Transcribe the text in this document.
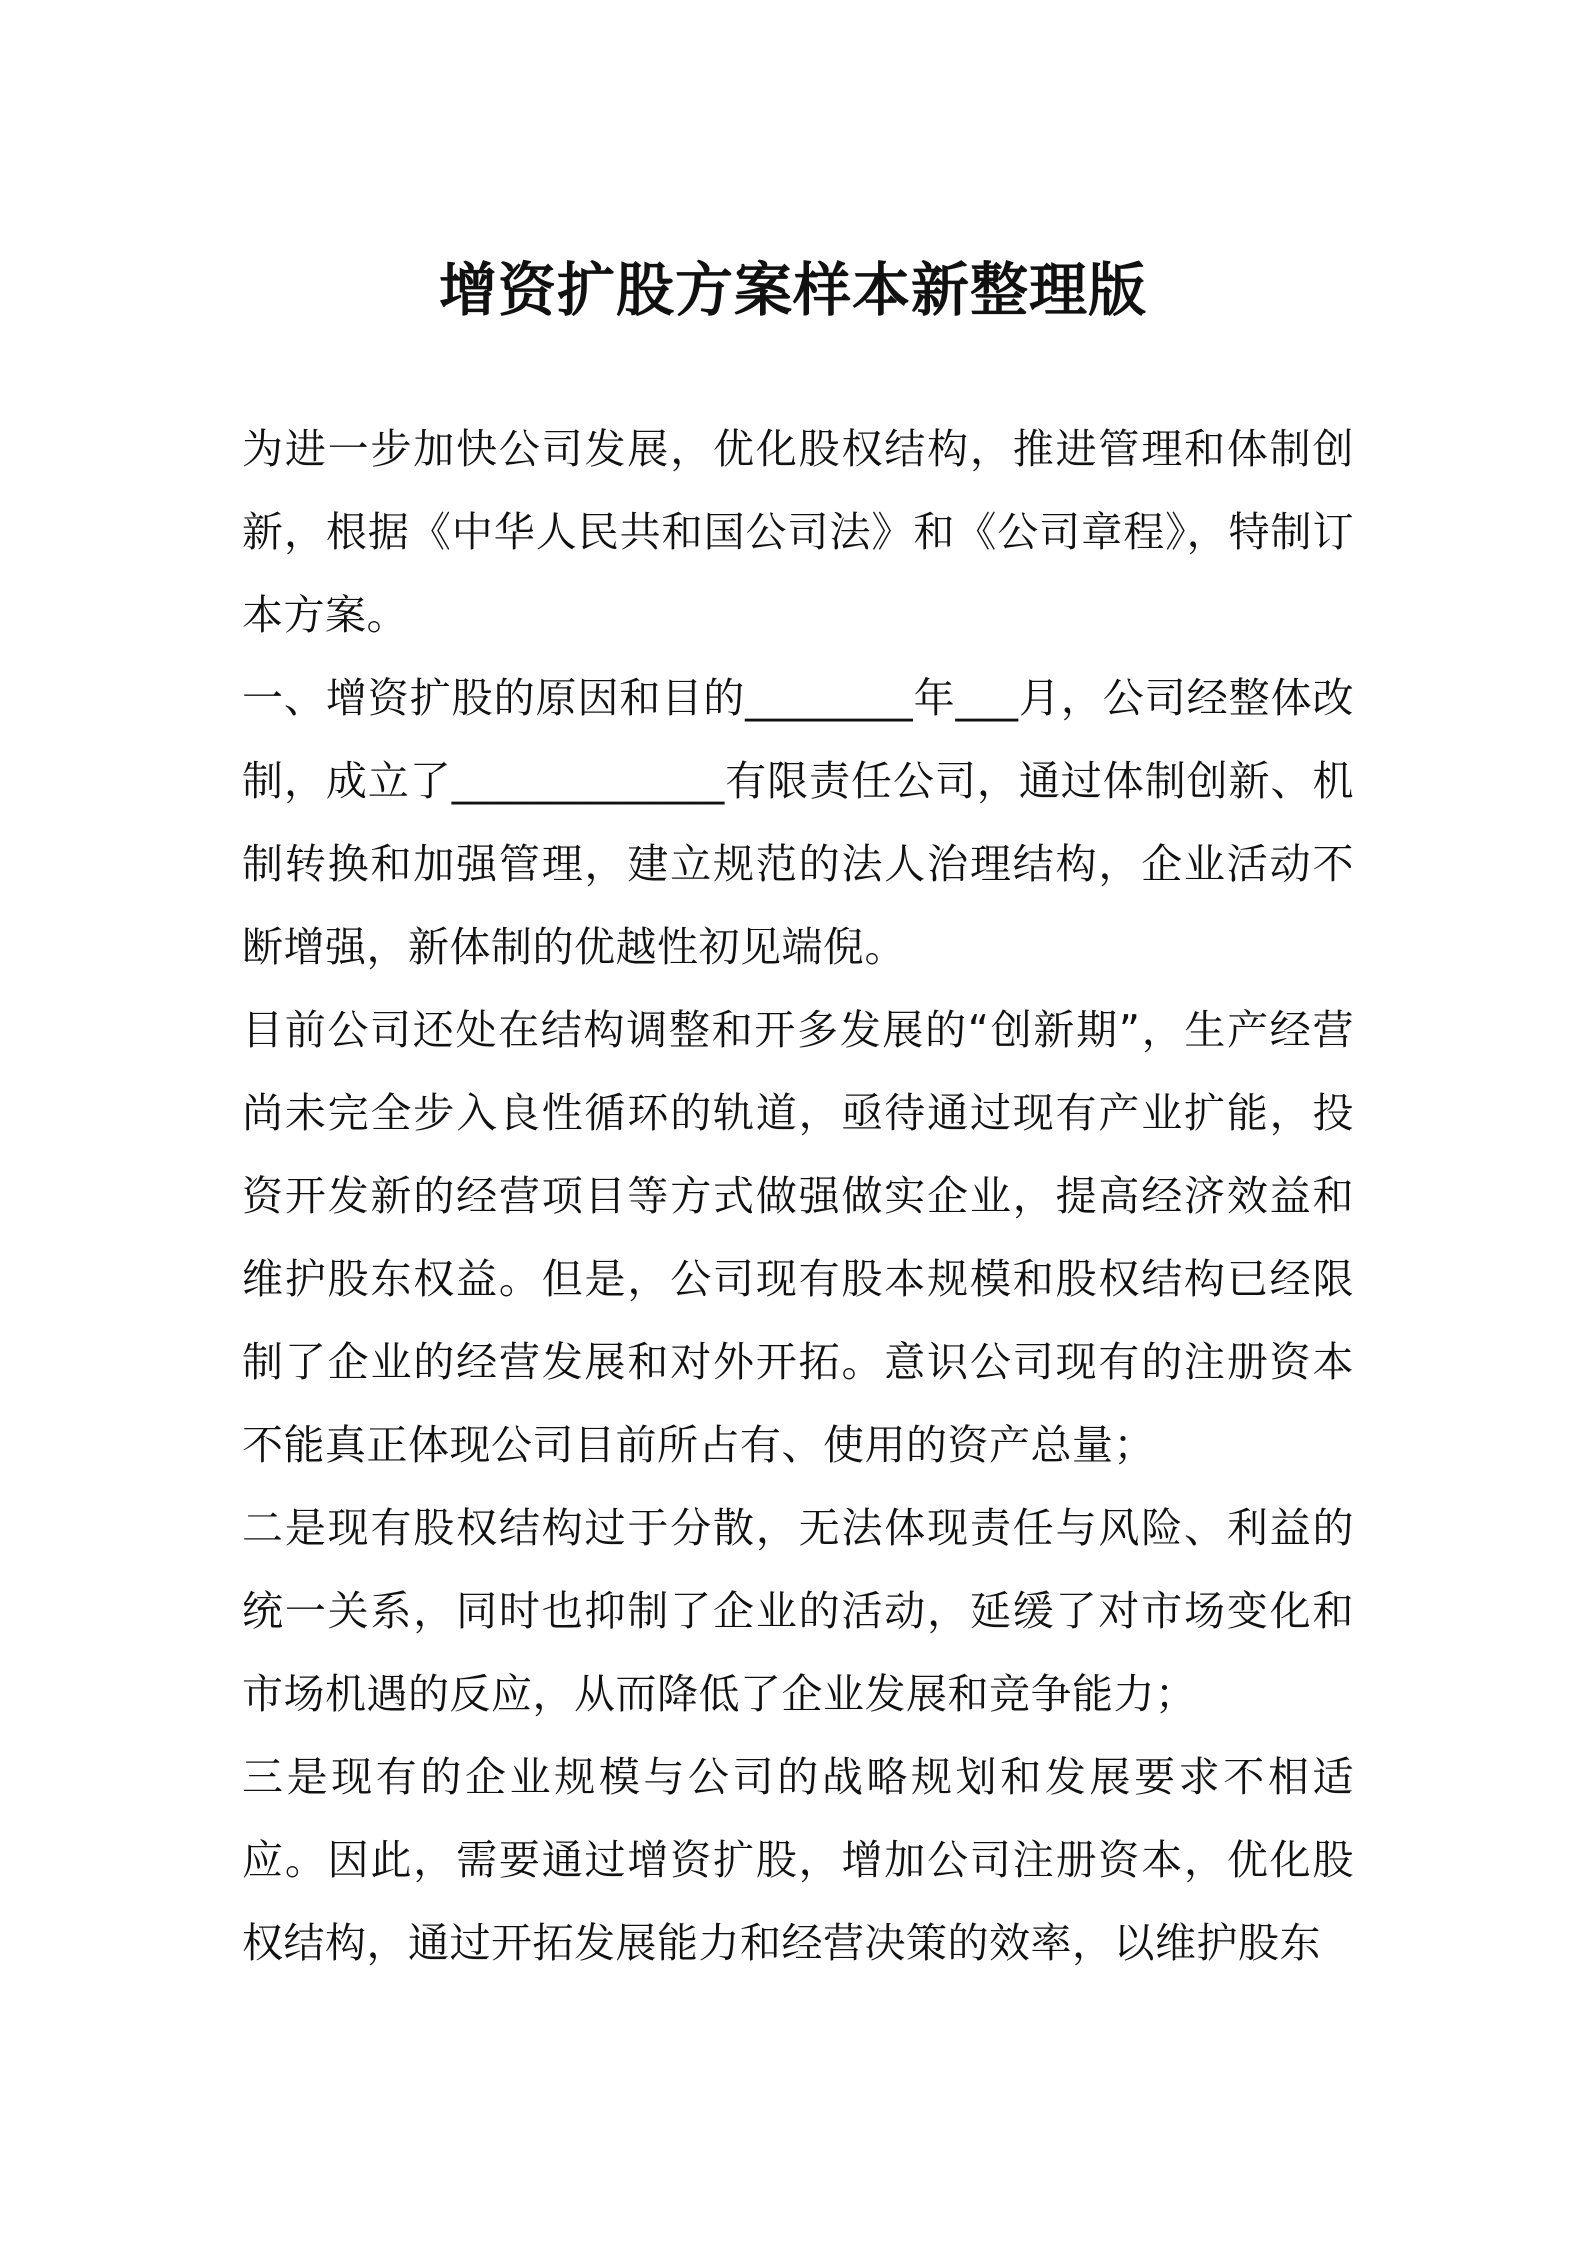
增资扩股方案样本新整理版

为进一步加快公司发展，优化股权结构，推进管理和体制创新，根据《中华人民共和国公司法》和《公司章程》，特制订本方案。

一、增资扩股的原因和目的________年___月，公司经整体改制，成立了_____________有限责任公司，通过体制创新、机制转换和加强管理，建立规范的法人治理结构，企业活动不断增强，新体制的优越性初见端倪。

目前公司还处在结构调整和开多发展的“创新期”，生产经营尚未完全步入良性循环的轨道，亟待通过现有产业扩能，投资开发新的经营项目等方式做强做实企业，提高经济效益和维护股东权益。但是，公司现有股本规模和股权结构已经限制了企业的经营发展和对外开拓。意识公司现有的注册资本不能真正体现公司目前所占有、使用的资产总量；

二是现有股权结构过于分散，无法体现责任与风险、利益的统一关系，同时也抑制了企业的活动，延缓了对市场变化和市场机遇的反应，从而降低了企业发展和竞争能力；

三是现有的企业规模与公司的战略规划和发展要求不相适应。因此，需要通过增资扩股，增加公司注册资本，优化股权结构，通过开拓发展能力和经营决策的效率，以维护股东
